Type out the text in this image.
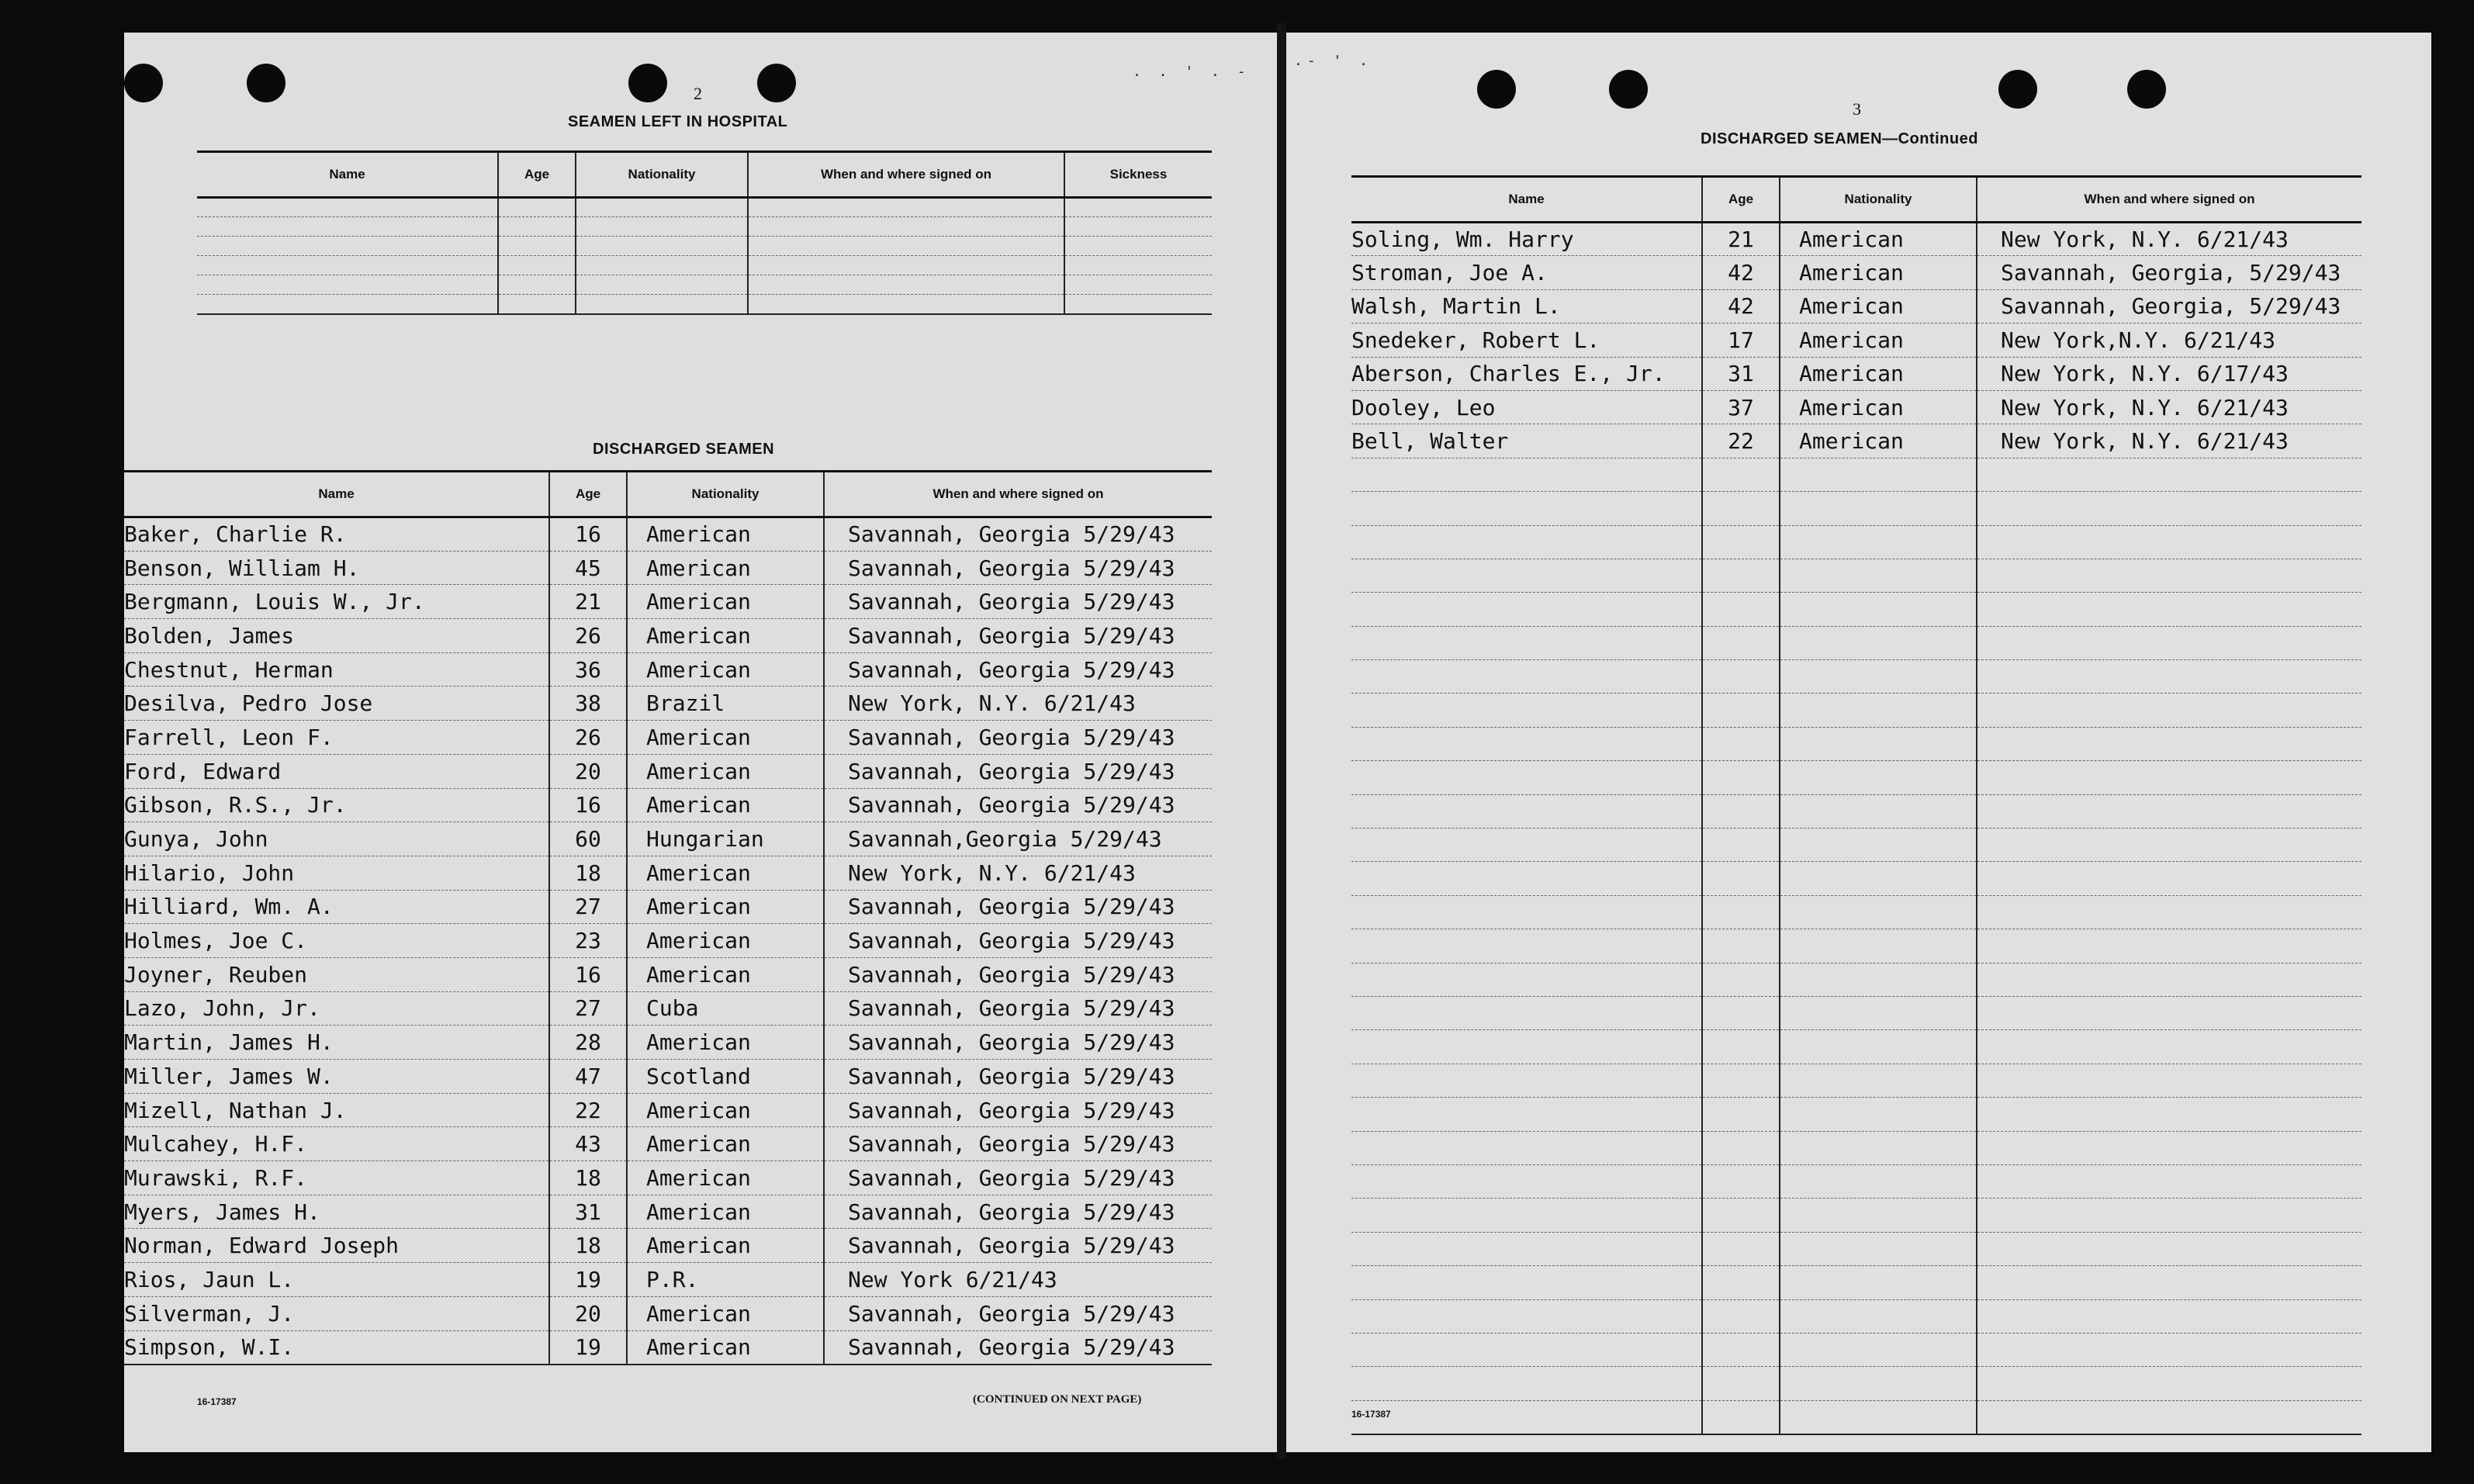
. . ' . -
2
SEAMEN LEFT IN HOSPITAL
Name	Age	Nationality	When and where signed on	Sickness

DISCHARGED SEAMEN
Name	Age	Nationality	When and where signed on
Baker, Charlie R.	16	American	Savannah, Georgia 5/29/43
Benson, William H.	45	American	Savannah, Georgia 5/29/43
Bergmann, Louis W., Jr.	21	American	Savannah, Georgia 5/29/43
Bolden, James	26	American	Savannah, Georgia 5/29/43
Chestnut, Herman	36	American	Savannah, Georgia 5/29/43
Desilva, Pedro Jose	38	Brazil	New York, N.Y. 6/21/43
Farrell, Leon F.	26	American	Savannah, Georgia 5/29/43
Ford, Edward	20	American	Savannah, Georgia 5/29/43
Gibson, R.S., Jr.	16	American	Savannah, Georgia 5/29/43
Gunya, John	60	Hungarian	Savannah,Georgia 5/29/43
Hilario, John	18	American	New York, N.Y. 6/21/43
Hilliard, Wm. A.	27	American	Savannah, Georgia 5/29/43
Holmes, Joe C.	23	American	Savannah, Georgia 5/29/43
Joyner, Reuben	16	American	Savannah, Georgia 5/29/43
Lazo, John, Jr.	27	Cuba	Savannah, Georgia 5/29/43
Martin, James H.	28	American	Savannah, Georgia 5/29/43
Miller, James W.	47	Scotland	Savannah, Georgia 5/29/43
Mizell, Nathan J.	22	American	Savannah, Georgia 5/29/43
Mulcahey, H.F.	43	American	Savannah, Georgia 5/29/43
Murawski, R.F.	18	American	Savannah, Georgia 5/29/43
Myers, James H.	31	American	Savannah, Georgia 5/29/43
Norman, Edward Joseph	18	American	Savannah, Georgia 5/29/43
Rios, Jaun L.	19	P.R.	New York 6/21/43
Silverman, J.	20	American	Savannah, Georgia 5/29/43
Simpson, W.I.	19	American	Savannah, Georgia 5/29/43
16-17387	(CONTINUED ON NEXT PAGE)
.- ' .
3
DISCHARGED SEAMEN—Continued
Name	Age	Nationality	When and where signed on
Soling, Wm. Harry	21	American	New York, N.Y. 6/21/43
Stroman, Joe A.	42	American	Savannah, Georgia, 5/29/43
Walsh, Martin L.	42	American	Savannah, Georgia, 5/29/43
Snedeker, Robert L.	17	American	New York,N.Y. 6/21/43
Aberson, Charles E., Jr.	31	American	New York, N.Y. 6/17/43
Dooley, Leo	37	American	New York, N.Y. 6/21/43
Bell, Walter	22	American	New York, N.Y. 6/21/43

16-17387
